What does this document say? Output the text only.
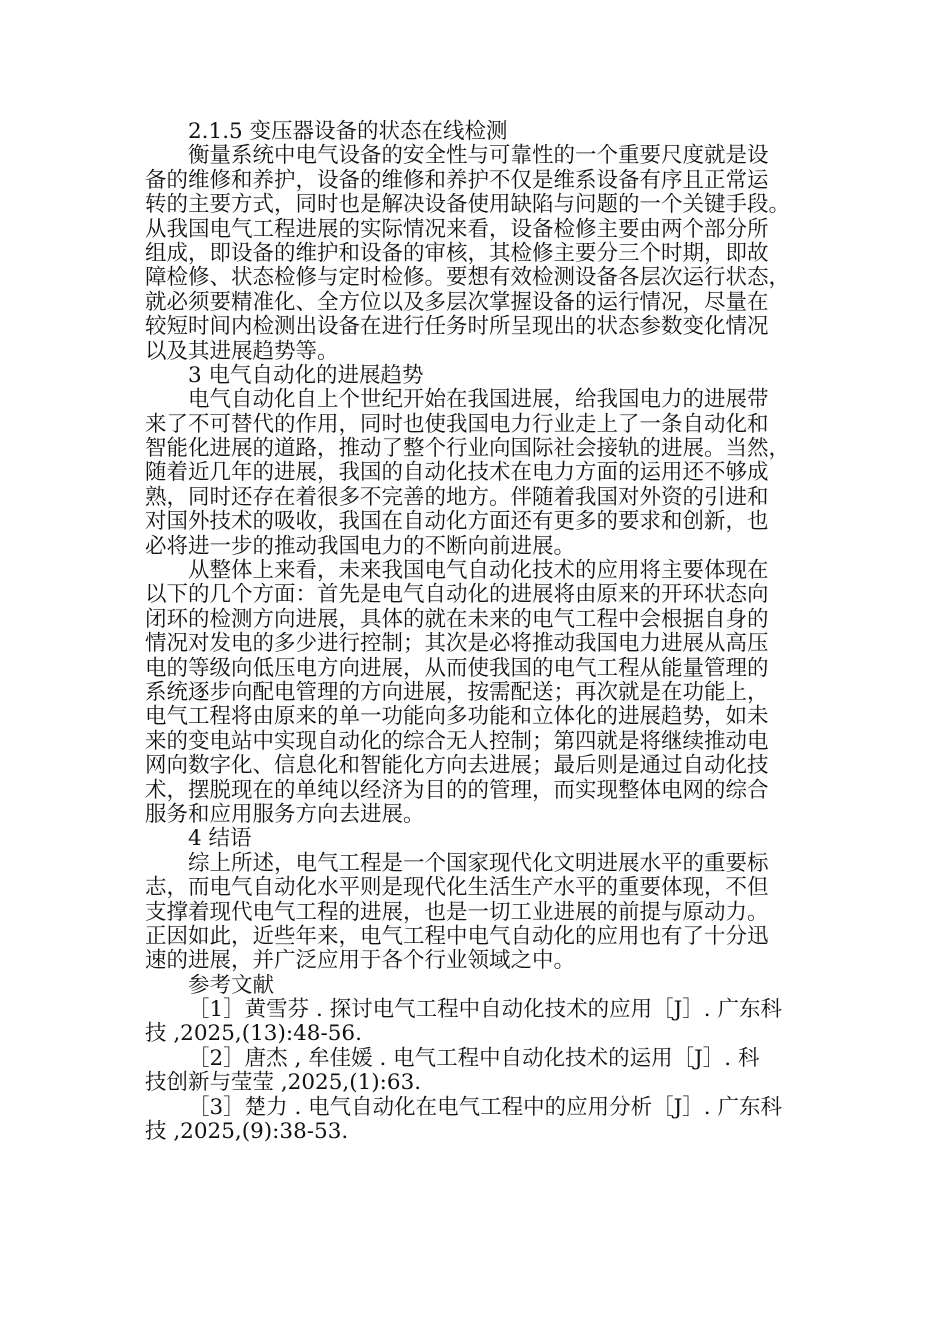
2.1.5 变压器设备的状态在线检测
衡量系统中电气设备的安全性与可靠性的一个重要尺度就是设
备的维修和养护，设备的维修和养护不仅是维系设备有序且正常运
转的主要方式，同时也是解决设备使用缺陷与问题的一个关键手段。
从我国电气工程进展的实际情况来看，设备检修主要由两个部分所
组成，即设备的维护和设备的审核，其检修主要分三个时期，即故
障检修、状态检修与定时检修。要想有效检测设备各层次运行状态，
就必须要精准化、全方位以及多层次掌握设备的运行情况，尽量在
较短时间内检测出设备在进行任务时所呈现出的状态参数变化情况
以及其进展趋势等。
3 电气自动化的进展趋势
电气自动化自上个世纪开始在我国进展，给我国电力的进展带
来了不可替代的作用，同时也使我国电力行业走上了一条自动化和
智能化进展的道路，推动了整个行业向国际社会接轨的进展。当然，
随着近几年的进展，我国的自动化技术在电力方面的运用还不够成
熟，同时还存在着很多不完善的地方。伴随着我国对外资的引进和
对国外技术的吸收，我国在自动化方面还有更多的要求和创新，也
必将进一步的推动我国电力的不断向前进展。
从整体上来看，未来我国电气自动化技术的应用将主要体现在
以下的几个方面：首先是电气自动化的进展将由原来的开环状态向
闭环的检测方向进展，具体的就在未来的电气工程中会根据自身的
情况对发电的多少进行控制；其次是必将推动我国电力进展从高压
电的等级向低压电方向进展，从而使我国的电气工程从能量管理的
系统逐步向配电管理的方向进展，按需配送；再次就是在功能上，
电气工程将由原来的单一功能向多功能和立体化的进展趋势，如未
来的变电站中实现自动化的综合无人控制；第四就是将继续推动电
网向数字化、信息化和智能化方向去进展；最后则是通过自动化技
术，摆脱现在的单纯以经济为目的的管理，而实现整体电网的综合
服务和应用服务方向去进展。
4 结语
综上所述，电气工程是一个国家现代化文明进展水平的重要标
志，而电气自动化水平则是现代化生活生产水平的重要体现，不但
支撑着现代电气工程的进展，也是一切工业进展的前提与原动力。
正因如此，近些年来，电气工程中电气自动化的应用也有了十分迅
速的进展，并广泛应用于各个行业领域之中。
参考文献
［1］黄雪芬 . 探讨电气工程中自动化技术的应用［J］. 广东科
技 ,2025,(13):48-56.
［2］唐杰 , 牟佳媛 . 电气工程中自动化技术的运用［J］. 科
技创新与莹莹 ,2025,(1):63.
［3］楚力 . 电气自动化在电气工程中的应用分析［J］. 广东科
技 ,2025,(9):38-53.
